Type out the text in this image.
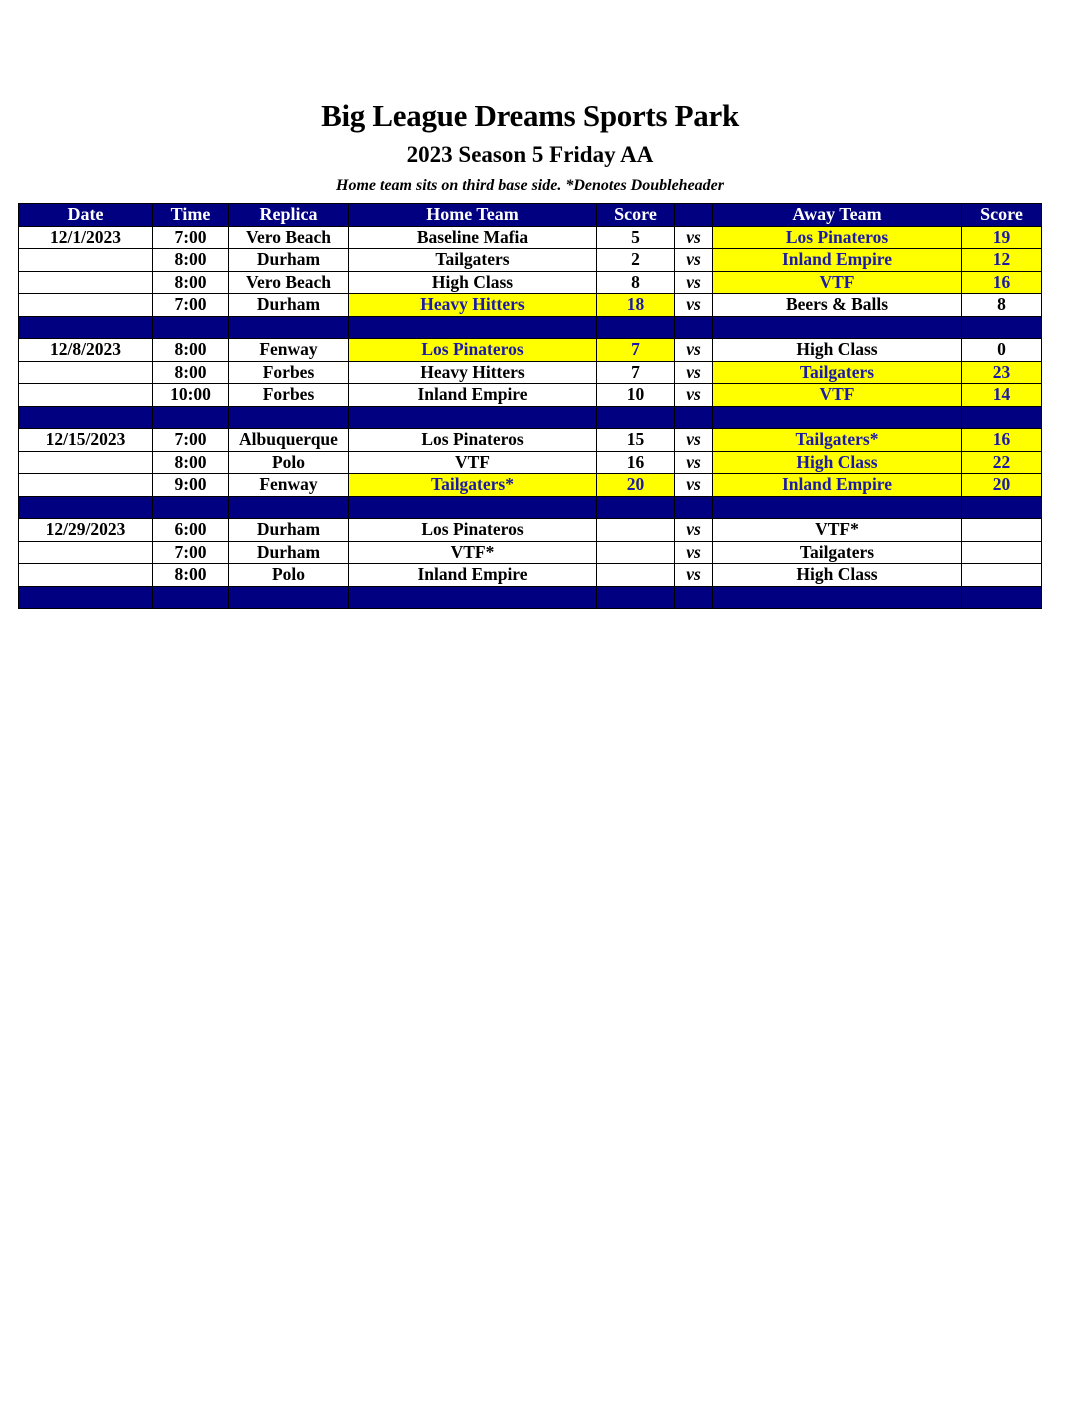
Big League Dreams Sports Park
2023 Season 5 Friday AA
Home team sits on third base side. *Denotes Doubleheader
Date	Time	Replica	Home Team	Score		Away Team	Score
12/1/2023	7:00	Vero Beach	Baseline Mafia	5	vs	Los Pinateros	19
	8:00	Durham	Tailgaters	2	vs	Inland Empire	12
	8:00	Vero Beach	High Class	8	vs	VTF	16
	7:00	Durham	Heavy Hitters	18	vs	Beers & Balls	8

12/8/2023	8:00	Fenway	Los Pinateros	7	vs	High Class	0
	8:00	Forbes	Heavy Hitters	7	vs	Tailgaters	23
	10:00	Forbes	Inland Empire	10	vs	VTF	14

12/15/2023	7:00	Albuquerque	Los Pinateros	15	vs	Tailgaters*	16
	8:00	Polo	VTF	16	vs	High Class	22
	9:00	Fenway	Tailgaters*	20	vs	Inland Empire	20

12/29/2023	6:00	Durham	Los Pinateros		vs	VTF*	
	7:00	Durham	VTF*		vs	Tailgaters	
	8:00	Polo	Inland Empire		vs	High Class	
